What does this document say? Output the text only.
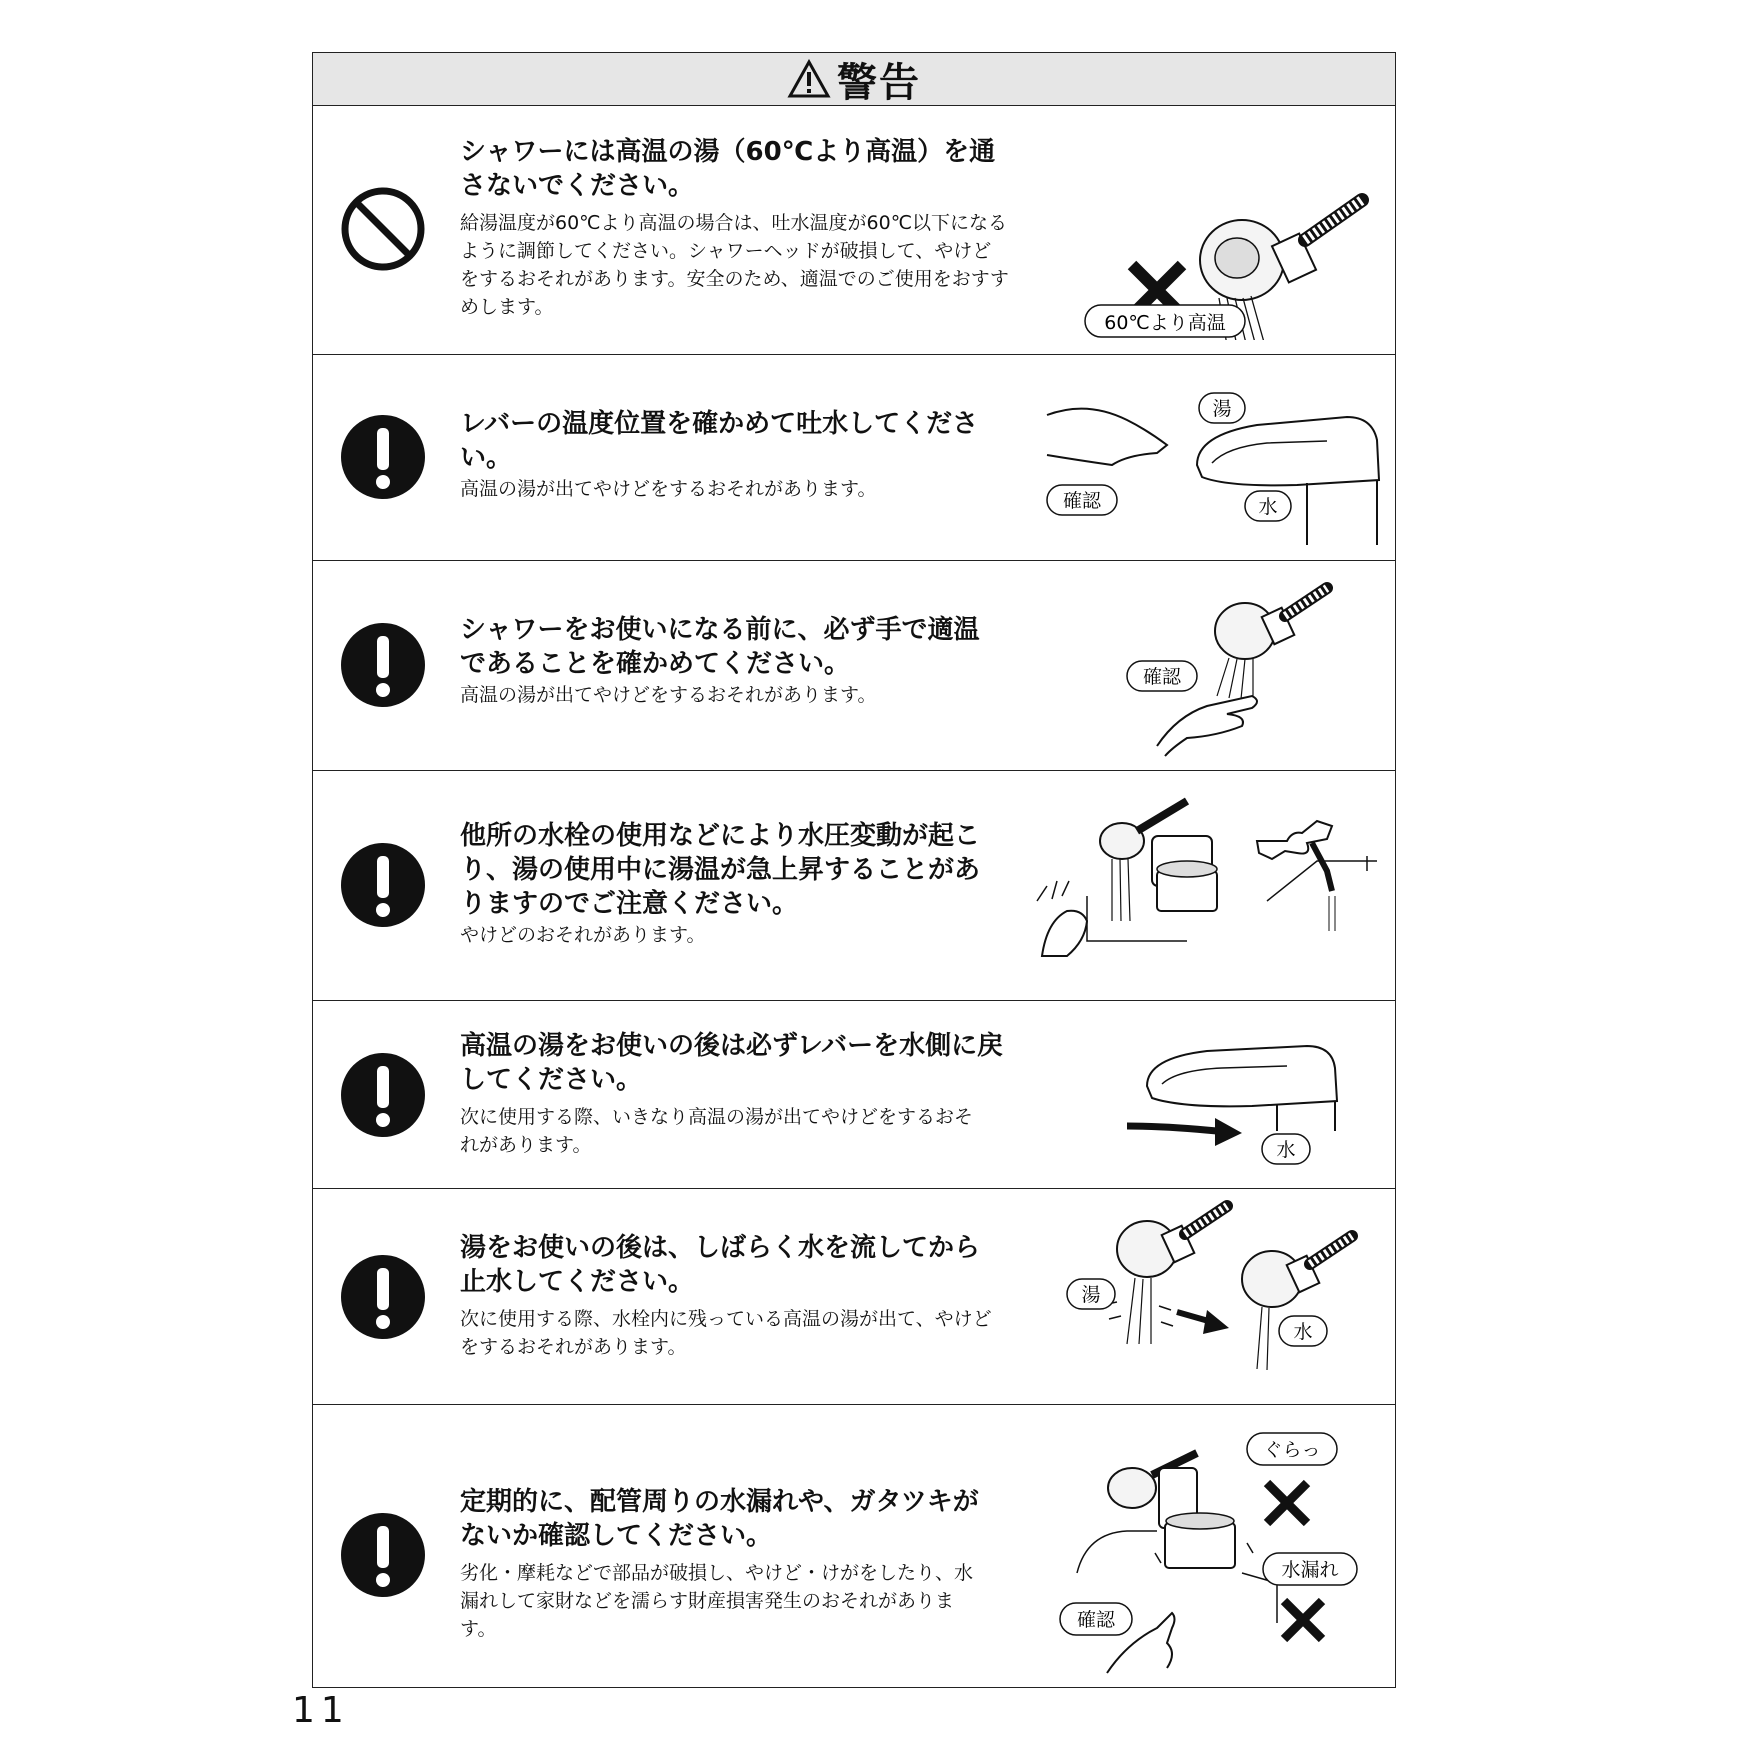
警告

シャワーには高温の湯（60℃より高温）を通さないでください。

給湯温度が60℃より高温の場合は、吐水温度が60℃以下になるように調節してください。シャワーヘッドが破損して、やけどをするおそれがあります。安全のため、適温でのご使用をおすすめします。

60℃より高温

レバーの温度位置を確かめて吐水してください。

高温の湯が出てやけどをするおそれがあります。

確認
湯
水

シャワーをお使いになる前に、必ず手で適温であることを確かめてください。

高温の湯が出てやけどをするおそれがあります。

確認

他所の水栓の使用などにより水圧変動が起こり、湯の使用中に湯温が急上昇することがありますのでご注意ください。

やけどのおそれがあります。

高温の湯をお使いの後は必ずレバーを水側に戻してください。

次に使用する際、いきなり高温の湯が出てやけどをするおそれがあります。	水

湯をお使いの後は、しばらく水を流してから止水してください。

次に使用する際、水栓内に残っている高温の湯が出て、やけどをするおそれがあります。

湯
水

定期的に、配管周りの水漏れや、ガタツキがないか確認してください。

劣化・摩耗などで部品が破損し、やけど・けがをしたり、水漏れして家財などを濡らす財産損害発生のおそれがあります。	確認
ぐらっ
水漏れ
11
